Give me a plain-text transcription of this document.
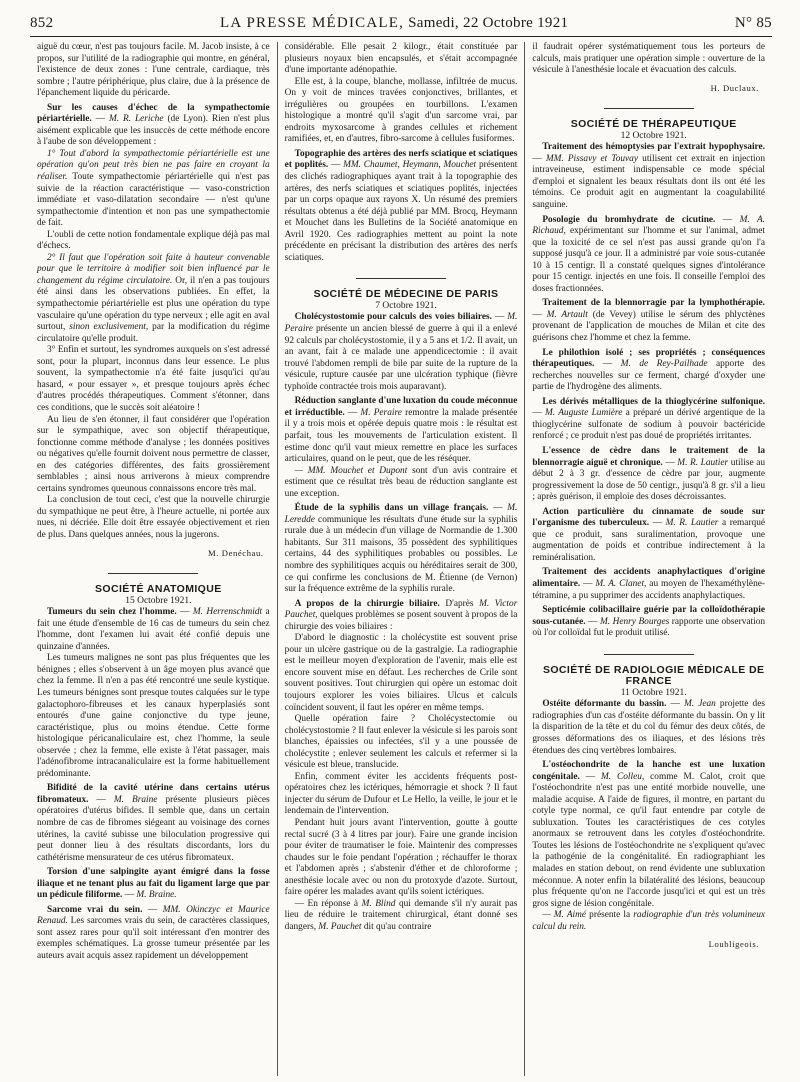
852	LA PRESSE MÉDICALE, Samedi, 22 Octobre 1921	N° 85

aiguë du cœur, n'est pas toujours facile. M. Jacob insiste, à ce propos, sur l'utilité de la radiographie qui montre, en général, l'existence de deux zones : l'une centrale, cardiaque, très sombre ; l'autre périphérique, plus claire, due à la présence de l'épanchement liquide du péricarde.

Sur les causes d'échec de la sympathectomie périartérielle. — M. R. Leriche (de Lyon). Rien n'est plus aisément explicable que les insuccès de cette méthode encore à l'aube de son développement :

1° Tout d'abord la sympathectomie périartérielle est une opération qu'on peut très bien ne pas faire en croyant la réaliser. Toute sympathectomie périartérielle qui n'est pas suivie de la réaction caractéristique — vaso-constriction immédiate et vaso-dilatation secondaire — n'est qu'une sympathectomie d'intention et non pas une sympathectomie de fait.

L'oubli de cette notion fondamentale explique déjà pas mal d'échecs.

2° Il faut que l'opération soit faite à hauteur convenable pour que le territoire à modifier soit bien influencé par le changement du régime circulatoire. Or, il n'en a pas toujours été ainsi dans les observations publiées. En effet, la sympathectomie périartérielle est plus une opération du type vasculaire qu'une opération du type nerveux ; elle agit en aval surtout, sinon exclusivement, par la modification du régime circulatoire qu'elle produit.

3° Enfin et surtout, les syndromes auxquels on s'est adressé sont, pour la plupart, inconnus dans leur essence. Le plus souvent, la sympathectomie n'a été faite jusqu'ici qu'au hasard, « pour essayer », et presque toujours après échec d'autres procédés thérapeutiques. Comment s'étonner, dans ces conditions, que le succès soit aléatoire !

Au lieu de s'en étonner, il faut considérer que l'opération sur le sympathique, avec son objectif thérapeutique, fonctionne comme méthode d'analyse ; les données positives ou négatives qu'elle fournit doivent nous permettre de classer, en des catégories différentes, des faits grossièrement semblables ; ainsi nous arriverons à mieux comprendre certains syndromes queunous connaissons encore très mal.

La conclusion de tout ceci, c'est que la nouvelle chirurgie du sympathique ne peut être, à l'heure actuelle, ni portée aux nues, ni décriée. Elle doit être essayée objectivement et rien de plus. Dans quelques années, nous la jugerons.

M. Denéchau.

SOCIÉTÉ ANATOMIQUE

15 Octobre 1921.

Tumeurs du sein chez l'homme. — M. Herrenschmidt a fait une étude d'ensemble de 16 cas de tumeurs du sein chez l'homme, dont l'examen lui avait été confié depuis une quinzaine d'années.

Les tumeurs malignes ne sont pas plus fréquentes que les bénignes ; elles s'observent à un âge moyen plus avancé que chez la femme. Il n'en a pas été rencontré une seule kystique. Les tumeurs bénignes sont presque toutes calquées sur le type galactophoro-fibreuses et les canaux hyperplasiés sont entourés d'une gaine conjonctive du type jeune, caractéristique, plus ou moins étendue. Cette forme histologique péricanaliculaire est, chez l'homme, la seule observée ; chez la femme, elle existe à l'état passager, mais l'adénofibrome intracanaliculaire est la forme habituellement prédominante.

Bifidité de la cavité utérine dans certains utérus fibromateux. — M. Braine présente plusieurs pièces opératoires d'utérus bifides. Il semble que, dans un certain nombre de cas de fibromes siégeant au voisinage des cornes utérines, la cavité subisse une biloculation progressive qui peut donner lieu à des résultats discordants, lors du cathétérisme mensurateur de ces utérus fibromateux.

Torsion d'une salpingite ayant émigré dans la fosse iliaque et ne tenant plus au fait du ligament large que par un pédicule filiforme. — M. Braine.

Sarcome vrai du sein. — MM. Okinczyc et Maurice Renaud. Les sarcomes vrais du sein, de caractères classiques, sont assez rares pour qu'il soit intéressant d'en montrer des exemples schématiques. La grosse tumeur présentée par les auteurs avait acquis assez rapidement un développement

considérable. Elle pesait 2 kilogr., était constituée par plusieurs noyaux bien encapsulés, et s'était accompagnée d'une importante adénopathie.

Elle est, à la coupe, blanche, mollasse, infiltrée de mucus. On y voit de minces travées conjonctives, brillantes, et irrégulières ou groupées en tourbillons. L'examen histologique a montré qu'il s'agit d'un sarcome vrai, par endroits myxosarcome à grandes cellules et richement ramifiées, et, en d'autres, fibro-sarcome à cellules fusiformes.

Topographie des artères des nerfs sciatique et sciatiques et poplités. — MM. Chaumet, Heymann, Mouchet présentent des clichés radiographiques ayant trait à la topographie des artères, des nerfs sciatiques et sciatiques poplités, injectées par un corps opaque aux rayons X. Un résumé des premiers résultats obtenus a été déjà publié par MM. Brocq, Heymann et Mouchet dans les Bulletins de la Société anatomique en Avril 1920. Ces radiographies mettent au point la note précédente en précisant la distribution des artères des nerfs sciatiques.

SOCIÉTÉ DE MÉDECINE DE PARIS

7 Octobre 1921.

Cholécystostomie pour calculs des voies biliaires. — M. Peraire présente un ancien blessé de guerre à qui il a enlevé 92 calculs par cholécystostomie, il y a 5 ans et 1/2. Il avait, un an avant, fait à ce malade une appendicectomie : il avait trouvé l'abdomen rempli de bile par suite de la rupture de la vésicule, rupture causée par une ulcération typhique (fièvre typhoïde contractée trois mois auparavant).

Réduction sanglante d'une luxation du coude méconnue et irréductible. — M. Peraire remontre la malade présentée il y a trois mois et opérée depuis quatre mois : le résultat est parfait, tous les mouvements de l'articulation existent. Il estime donc qu'il vaut mieux remettre en place les surfaces articulaires, quand on le peut, que de les réséquer.

— MM. Mouchet et Dupont sont d'un avis contraire et estiment que ce résultat très beau de réduction sanglante est une exception.

Étude de la syphilis dans un village français. — M. Leredde communique les résultats d'une étude sur la syphilis rurale due à un médecin d'un village de Normandie de 1.300 habitants. Sur 311 maisons, 35 possèdent des syphilitiques certains, 44 des syphilitiques probables ou possibles. Le nombre des syphilitiques acquis ou héréditaires serait de 300, ce qui confirme les conclusions de M. Étienne (de Vernon) sur la fréquence extrême de la syphilis rurale.

A propos de la chirurgie biliaire. D'après M. Victor Pauchet, quelques problèmes se posent souvent à propos de la chirurgie des voies biliaires :

D'abord le diagnostic : la cholécystite est souvent prise pour un ulcère gastrique ou de la gastralgie. La radiographie est le meilleur moyen d'exploration de l'avenir, mais elle est encore souvent mise en défaut. Les recherches de Crile sont souvent positives. Tout chirurgien qui opère un estomac doit toujours explorer les voies biliaires. Ulcus et calculs coïncident souvent, il faut les opérer en même temps.

Quelle opération faire ? Cholécystectomie ou cholécystostomie ? Il faut enlever la vésicule si les parois sont blanches, épaissies ou infectées, s'il y a une poussée de cholécystite ; enlever seulement les calculs et refermer si la vésicule est bleue, translucide.

Enfin, comment éviter les accidents fréquents post-opératoires chez les ictériques, hémorragie et shock ? Il faut injecter du sérum de Dufour et Le Hello, la veille, le jour et le lendemain de l'intervention.

Pendant huit jours avant l'intervention, goutte à goutte rectal sucré (3 à 4 litres par jour). Faire une grande incision pour éviter de traumatiser le foie. Maintenir des compresses chaudes sur le foie pendant l'opération ; réchauffer le thorax et l'abdomen après ; s'abstenir d'éther et de chloroforme ; anesthésie locale avec ou non du protoxyde d'azote. Surtout, faire opérer les malades avant qu'ils soient ictériques.

— En réponse à M. Blind qui demande s'il n'y aurait pas lieu de réduire le traitement chirurgical, étant donné ses dangers, M. Pauchet dit qu'au contraire

il faudrait opérer systématiquement tous les porteurs de calculs, mais pratiquer une opération simple : ouverture de la vésicule à l'anesthésie locale et évacuation des calculs.

H. Duclaux.

SOCIÉTÉ DE THÉRAPEUTIQUE

12 Octobre 1921.

Traitement des hémoptysies par l'extrait hypophysaire. — MM. Pissavy et Touvay utilisent cet extrait en injection intraveineuse, estiment indispensable ce mode spécial d'emploi et signalent les beaux résultats dont ils ont été les témoins. Ce produit agit en augmentant la coagulabilité sanguine.

Posologie du bromhydrate de cicutine. — M. A. Richaud, expérimentant sur l'homme et sur l'animal, admet que la toxicité de ce sel n'est pas aussi grande qu'on l'a supposé jusqu'à ce jour. Il a administré par voie sous-cutanée 10 à 15 centigr. Il a constaté quelques signes d'intolérance pour 15 centigr. injectés en une fois. Il conseille l'emploi des doses fractionnées.

Traitement de la blennorragie par la lymphothérapie. — M. Artault (de Vevey) utilise le sérum des phlyctènes provenant de l'application de mouches de Milan et cite des guérisons chez l'homme et chez la femme.

Le philothion isolé ; ses propriétés ; conséquences thérapeutiques. — M. de Rey-Pailhade apporte des recherches nouvelles sur ce ferment, chargé d'oxyder une partie de l'hydrogène des aliments.

Les dérivés métalliques de la thioglycérine sulfonique. — M. Auguste Lumière a préparé un dérivé argentique de la thioglycérine sulfonate de sodium à pouvoir bactéricide renforcé ; ce produit n'est pas doué de propriétés irritantes.

L'essence de cèdre dans le traitement de la blennorragie aiguë et chronique. — M. R. Lautier utilise au début 2 à 3 gr. d'essence de cèdre par jour, augmente progressivement la dose de 50 centigr., jusqu'à 8 gr. s'il a lieu ; après guérison, il emploie des doses décroissantes.

Action particulière du cinnamate de soude sur l'organisme des tuberculeux. — M. R. Lautier a remarqué que ce produit, sans suralimentation, provoque une augmentation de poids et contribue indirectement à la reminéralisation.

Traitement des accidents anaphylactiques d'origine alimentaire. — M. A. Clanet, au moyen de l'hexaméthylène-tétramine, a pu supprimer des accidents anaphylactiques.

Septicémie colibacillaire guérie par la colloïdothérapie sous-cutanée. — M. Henry Bourges rapporte une observation où l'or colloïdal fut le produit utilisé.

SOCIÉTÉ DE RADIOLOGIE MÉDICALE DE FRANCE

11 Octobre 1921.

Ostéite déformante du bassin. — M. Jean projette des radiographies d'un cas d'ostéite déformante du bassin. On y lit la disparition de la tête et du col du fémur des deux côtés, de grosses déformations des os iliaques, et des lésions très étendues des cinq vertèbres lombaires.

L'ostéochondrite de la hanche est une luxation congénitale. — M. Colleu, comme M. Calot, croit que l'ostéochondrite n'est pas une entité morbide nouvelle, une maladie acquise. A l'aide de figures, il montre, en partant du cotyle type normal, ce qu'il faut entendre par cotyle de subluxation. Toutes les caractéristiques de ces cotyles anormaux se retrouvent dans les cotyles d'ostéochondrite. Toutes les lésions de l'ostéochondrite ne s'expliquent qu'avec la pathogénie de la congénitalité. En radiographiant les malades en station debout, on rend évidente une subluxation méconnue. A noter enfin la bilatéralité des lésions, beaucoup plus fréquente qu'on ne l'accorde jusqu'ici et qui est un très gros signe de lésion congénitale.

— M. Aimé présente la radiographie d'un très volumineux calcul du rein.

Loubligeois.
